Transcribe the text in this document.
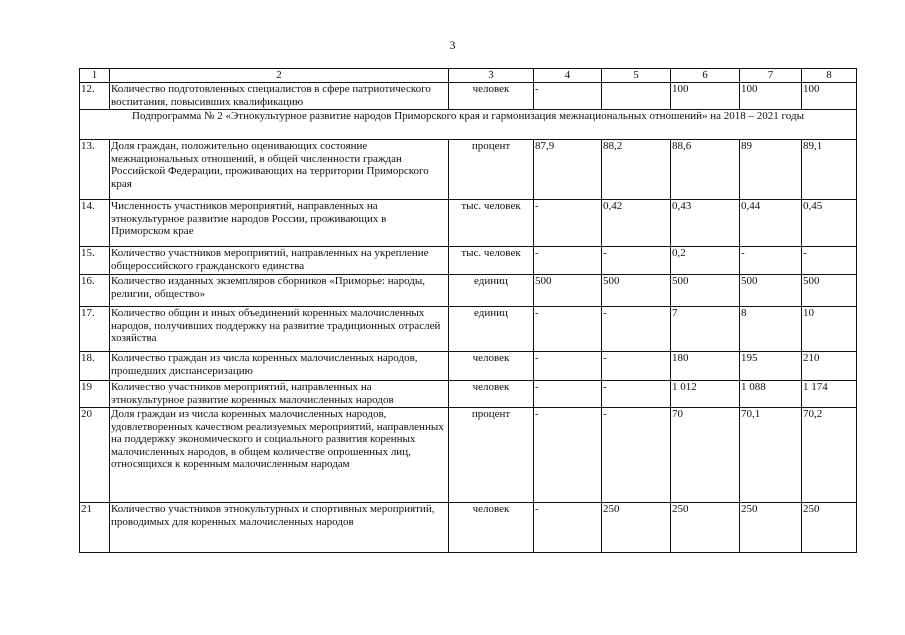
3
1	2	3	4	5	6	7	8
12.	Количество подготовленных специалистов в сфере патриотического воспитания, повысивших квалификацию	человек	-		100	100	100
Подпрограмма № 2 «Этнокультурное развитие народов Приморского края и гармонизация межнациональных отношений» на 2018 – 2021 годы							
13.	Доля граждан, положительно оценивающих состояние межнациональных отношений, в общей численности граждан Российской Федерации, проживающих на территории Приморского края	процент	87,9	88,2	88,6	89	89,1
14.	Численность участников мероприятий, направленных на этнокультурное развитие народов России, проживающих в Приморском крае	тыс. человек	-	0,42	0,43	0,44	0,45
15.	Количество участников мероприятий, направленных на укрепление общероссийского гражданского единства	тыс. человек	-	-	0,2	-	-
16.	Количество изданных экземпляров сборников «Приморье: народы, религии, общество»	единиц	500	500	500	500	500
17.	Количество общин и иных объединений коренных малочисленных народов, получивших поддержку на развитие традиционных отраслей хозяйства	единиц	-	-	7	8	10
18.	Количество граждан из числа коренных малочисленных народов, прошедших диспансеризацию	человек	-	-	180	195	210
19	Количество участников мероприятий, направленных на этнокультурное развитие коренных малочисленных народов	человек	-	-	1 012	1 088	1 174
20	Доля граждан из числа коренных малочисленных народов, удовлетворенных качеством реализуемых мероприятий, направленных на поддержку экономического и социального развития коренных малочисленных народов, в общем количестве опрошенных лиц, относящихся к коренным малочисленным народам	процент	-	-	70	70,1	70,2
21	Количество участников этнокультурных и спортивных мероприятий, проводимых для коренных малочисленных народов	человек	-	250	250	250	250
